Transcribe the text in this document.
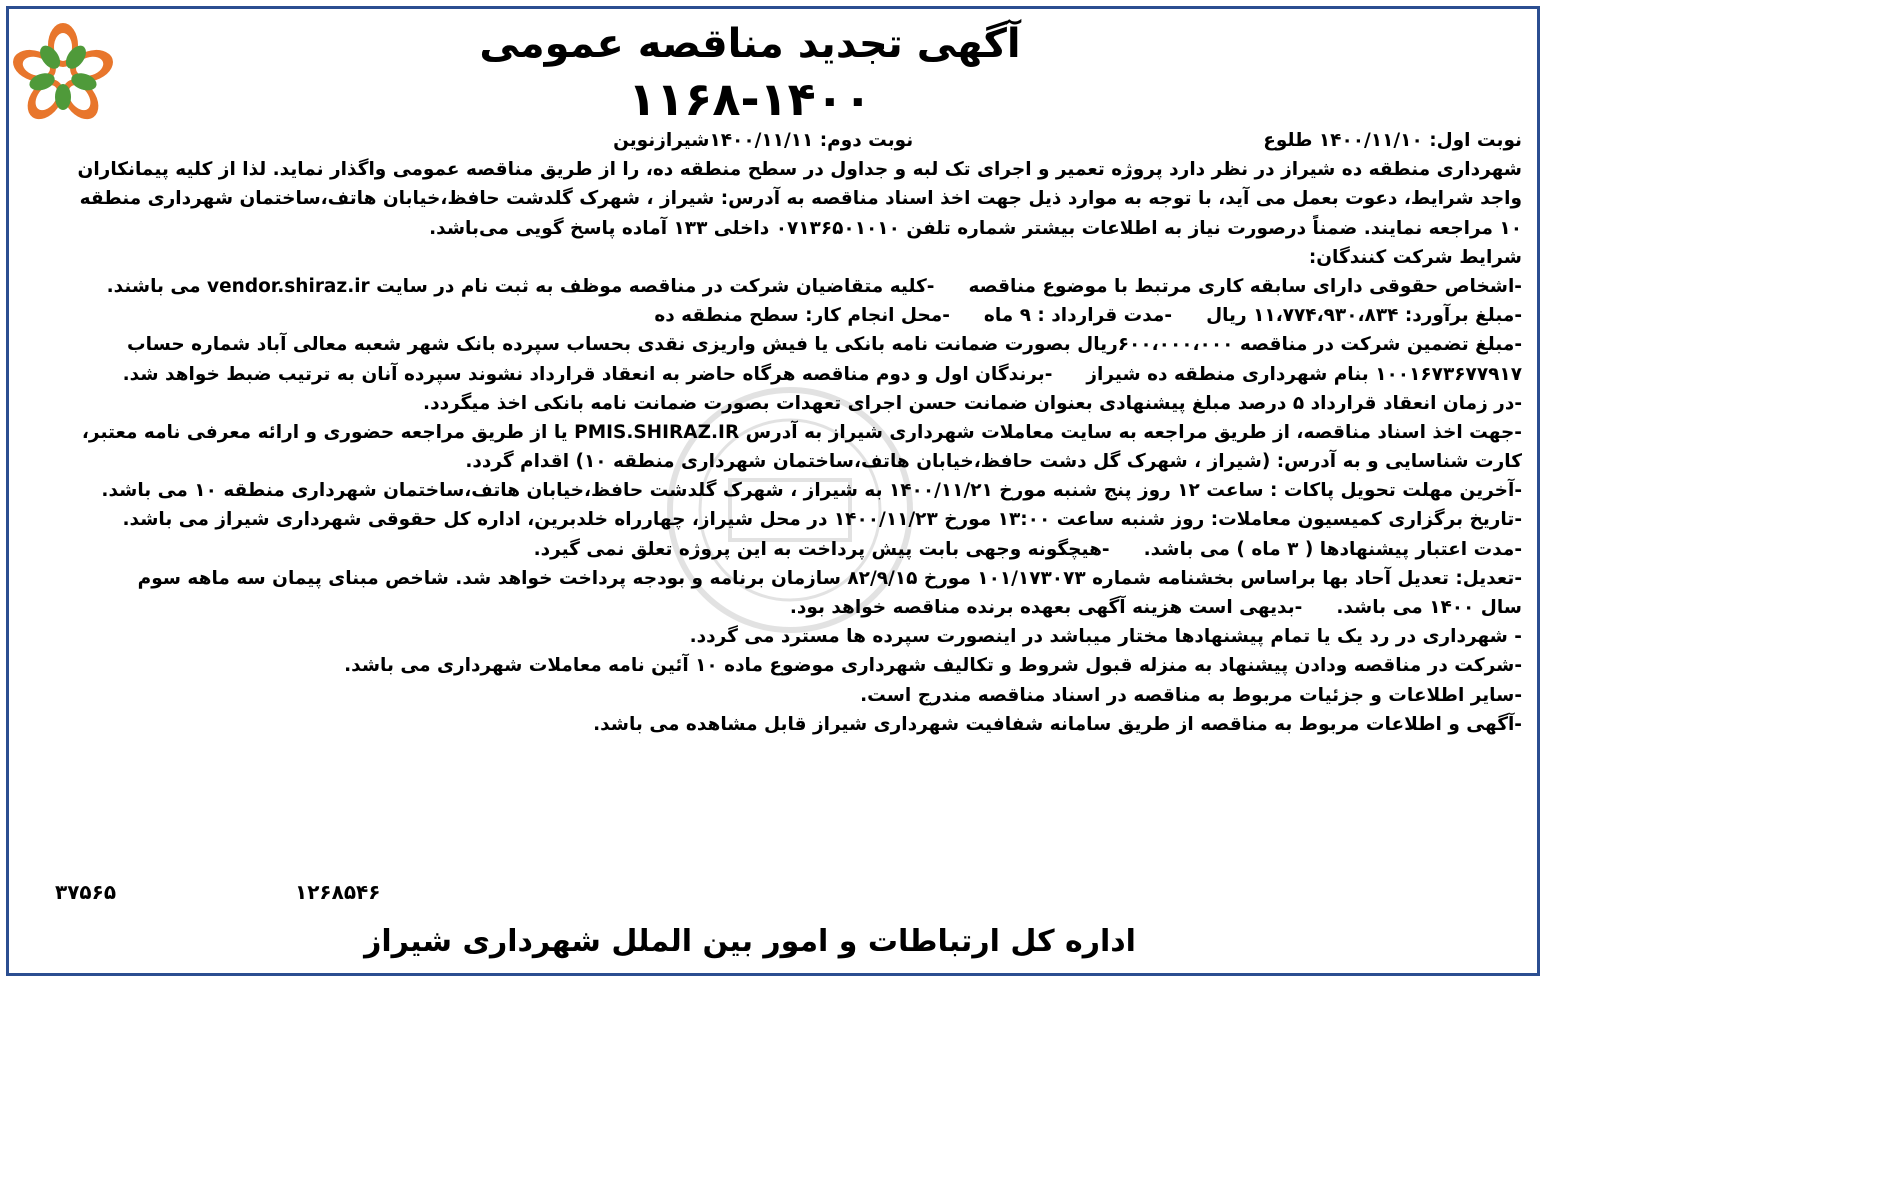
آگهی تجدید مناقصه عمومی
۱۱۶۸-۱۴۰۰
نوبت اول: ۱۴۰۰/۱۱/۱۰ طلوعنوبت دوم: ۱۴۰۰/۱۱/۱۱شیرازنوین
شهرداری منطقه ده شیراز در نظر دارد پروژه تعمیر و اجرای تک لبه و جداول در سطح منطقه ده، را از طریق مناقصه عمومی واگذار نماید. لذا از کلیه پیمانکاران
واجد شرایط، دعوت بعمل می آید، با توجه به موارد ذیل جهت اخذ اسناد مناقصه به آدرس: شیراز ، شهرک گلدشت حافظ،خیابان هاتف،ساختمان شهرداری منطقه
۱۰ مراجعه نمایند. ضمناً درصورت نیاز به اطلاعات بیشتر شماره تلفن ۰۷۱۳۶۵۰۱۰۱۰ داخلی ۱۳۳ آماده پاسخ گویی می‌باشد.
شرایط شرکت کنندگان:
-اشخاص حقوقی دارای سابقه کاری مرتبط با موضوع مناقصه-کلیه متقاضیان شرکت در مناقصه موظف به ثبت نام در سایت vendor.shiraz.ir می باشند.
-مبلغ برآورد: ۱۱،۷۷۴،۹۳۰،۸۳۴ ریال-مدت قرارداد : ۹ ماه-محل انجام کار: سطح منطقه ده
-مبلغ تضمین شرکت در مناقصه ۶۰۰،۰۰۰،۰۰۰ریال بصورت ضمانت نامه بانکی یا فیش واریزی نقدی بحساب سپرده بانک شهر شعبه معالی آباد شماره حساب
۱۰۰۱۶۷۳۶۷۷۹۱۷ بنام شهرداری منطقه ده شیراز-برندگان اول و دوم مناقصه هرگاه حاضر به انعقاد قرارداد نشوند سپرده آنان به ترتیب ضبط خواهد شد.
-در زمان انعقاد قرارداد ۵ درصد مبلغ پیشنهادی بعنوان ضمانت حسن اجرای تعهدات بصورت ضمانت نامه بانکی اخذ میگردد.
-جهت اخذ اسناد مناقصه، از طریق مراجعه به سایت معاملات شهرداری شیراز به آدرس PMIS.SHIRAZ.IR یا از طریق مراجعه حضوری و ارائه معرفی نامه معتبر،
کارت شناسایی و به آدرس: (شیراز ، شهرک گل دشت حافظ،خیابان هاتف،ساختمان شهرداری منطقه ۱۰) اقدام گردد.
-آخرین مهلت تحویل پاکات : ساعت ۱۲ روز پنج شنبه مورخ ۱۴۰۰/۱۱/۲۱ به شیراز ، شهرک گلدشت حافظ،خیابان هاتف،ساختمان شهرداری منطقه ۱۰ می باشد.
-تاریخ برگزاری کمیسیون معاملات: روز شنبه ساعت ۱۳:۰۰ مورخ ۱۴۰۰/۱۱/۲۳ در محل شیراز، چهارراه خلدبرین، اداره کل حقوقی شهرداری شیراز می باشد.
-مدت اعتبار پیشنهادها ( ۳ ماه ) می باشد.-هیچگونه وجهی بابت پیش پرداخت به این پروژه تعلق نمی گیرد.
-تعدیل: تعدیل آحاد بها براساس بخشنامه شماره ۱۰۱/۱۷۳۰۷۳ مورخ ۸۲/۹/۱۵ سازمان برنامه و بودجه پرداخت خواهد شد. شاخص مبنای پیمان سه ماهه سوم
سال ۱۴۰۰ می باشد.-بدیهی است هزینه آگهی بعهده برنده مناقصه خواهد بود.
- شهرداری در رد یک یا تمام پیشنهادها مختار میباشد در اینصورت سپرده ها مسترد می گردد.
-شرکت در مناقصه ودادن پیشنهاد به منزله قبول شروط و تکالیف شهرداری موضوع ماده ۱۰ آئین نامه معاملات شهرداری می باشد.
-سایر اطلاعات و جزئیات مربوط به مناقصه در اسناد مناقصه مندرج است.
-آگهی و اطلاعات مربوط به مناقصه از طریق سامانه شفافیت شهرداری شیراز قابل مشاهده می باشد.
۱۲۶۸۵۴۶
۳۷۵۶۵

اداره کل ارتباطات و امور بین الملل شهرداری شیراز
